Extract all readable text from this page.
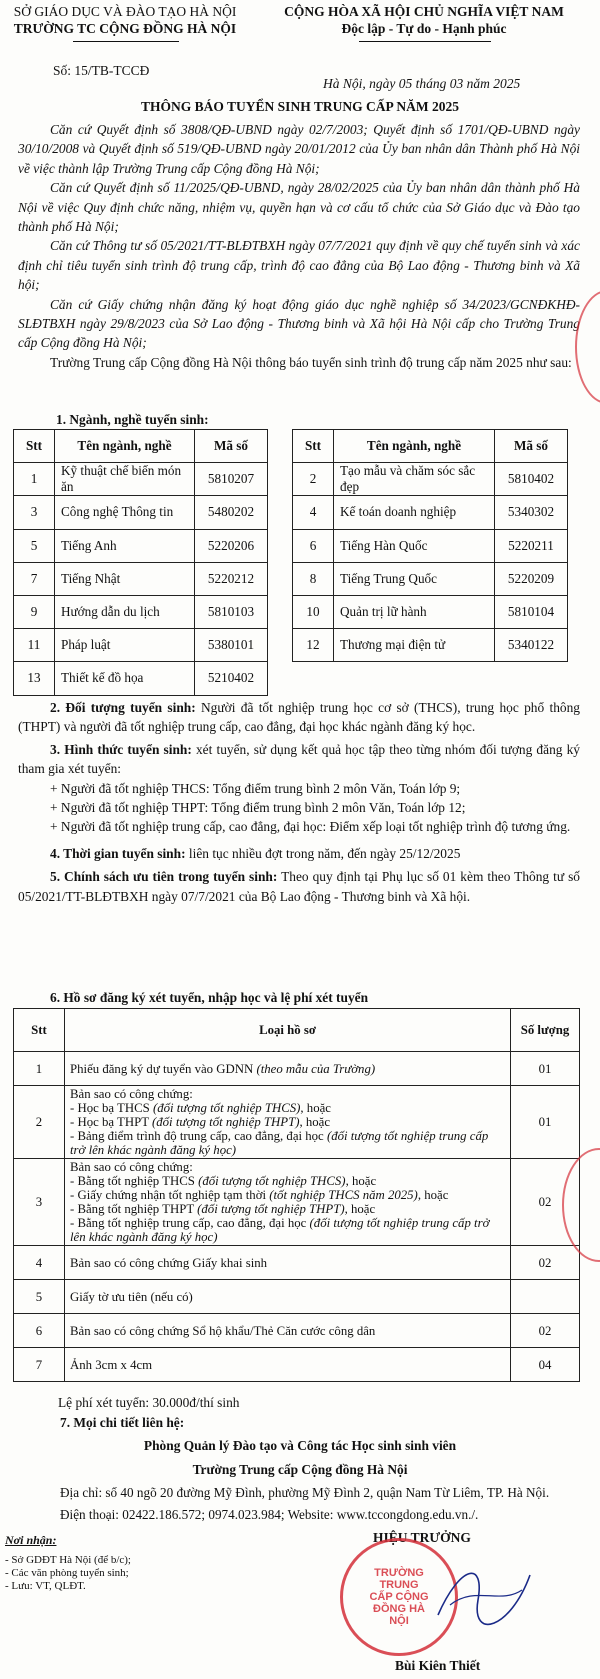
SỞ GIÁO DỤC VÀ ĐÀO TẠO HÀ NỘI
TRƯỜNG TC CỘNG ĐỒNG HÀ NỘI
CỘNG HÒA XÃ HỘI CHỦ NGHĨA VIỆT NAM
Độc lập - Tự do - Hạnh phúc
Số: 15/TB-TCCĐ
Hà Nội, ngày 05 tháng 03 năm 2025
THÔNG BÁO TUYỂN SINH TRUNG CẤP NĂM 2025
Căn cứ Quyết định số 3808/QĐ-UBND ngày 02/7/2003; Quyết định số 1701/QĐ-UBND ngày 30/10/2008 và Quyết định số 519/QĐ-UBND ngày 20/01/2012 của Ủy ban nhân dân Thành phố Hà Nội về việc thành lập Trường Trung cấp Cộng đồng Hà Nội;
Căn cứ Quyết định số 11/2025/QĐ-UBND, ngày 28/02/2025 của Ủy ban nhân dân thành phố Hà Nội về việc Quy định chức năng, nhiệm vụ, quyền hạn và cơ cấu tổ chức của Sở Giáo dục và Đào tạo thành phố Hà Nội;
Căn cứ Thông tư số 05/2021/TT-BLĐTBXH ngày 07/7/2021 quy định về quy chế tuyển sinh và xác định chỉ tiêu tuyển sinh trình độ trung cấp, trình độ cao đẳng của Bộ Lao động - Thương binh và Xã hội;
Căn cứ Giấy chứng nhận đăng ký hoạt động giáo dục nghề nghiệp số 34/2023/GCNĐKHĐ-SLĐTBXH ngày 29/8/2023 của Sở Lao động - Thương binh và Xã hội Hà Nội cấp cho Trường Trung cấp Cộng đồng Hà Nội;
Trường Trung cấp Cộng đồng Hà Nội thông báo tuyển sinh trình độ trung cấp năm 2025 như sau:
1. Ngành, nghề tuyển sinh:
Stt	Tên ngành, nghề	Mã số
1	Kỹ thuật chế biến món ăn	5810207
3	Công nghệ Thông tin	5480202
5	Tiếng Anh	5220206
7	Tiếng Nhật	5220212
9	Hướng dẫn du lịch	5810103
11	Pháp luật	5380101
13	Thiết kế đồ họa	5210402
Stt	Tên ngành, nghề	Mã số
2	Tạo mẫu và chăm sóc sắc đẹp	5810402
4	Kế toán doanh nghiệp	5340302
6	Tiếng Hàn Quốc	5220211
8	Tiếng Trung Quốc	5220209
10	Quản trị lữ hành	5810104
12	Thương mại điện tử	5340122
2. Đối tượng tuyển sinh: Người đã tốt nghiệp trung học cơ sở (THCS), trung học phổ thông (THPT) và người đã tốt nghiệp trung cấp, cao đẳng, đại học khác ngành đăng ký học.
3. Hình thức tuyển sinh: xét tuyển, sử dụng kết quả học tập theo từng nhóm đối tượng đăng ký tham gia xét tuyển:
+ Người đã tốt nghiệp THCS: Tổng điểm trung bình 2 môn Văn, Toán lớp 9;
+ Người đã tốt nghiệp THPT: Tổng điểm trung bình 2 môn Văn, Toán lớp 12;
+ Người đã tốt nghiệp trung cấp, cao đẳng, đại học: Điểm xếp loại tốt nghiệp trình độ tương ứng.
4. Thời gian tuyển sinh: liên tục nhiều đợt trong năm, đến ngày 25/12/2025
5. Chính sách ưu tiên trong tuyển sinh: Theo quy định tại Phụ lục số 01 kèm theo Thông tư số 05/2021/TT-BLĐTBXH ngày 07/7/2021 của Bộ Lao động - Thương binh và Xã hội.
6. Hồ sơ đăng ký xét tuyển, nhập học và lệ phí xét tuyển
Stt	Loại hồ sơ	Số lượng
1	Phiếu đăng ký dự tuyển vào GDNN (theo mẫu của Trường)	01
2	Bản sao có công chứng:
- Học bạ THCS (đối tượng tốt nghiệp THCS), hoặc
- Học bạ THPT (đối tượng tốt nghiệp THPT), hoặc
- Bảng điểm trình độ trung cấp, cao đẳng, đại học (đối tượng tốt nghiệp trung cấp trở lên khác ngành đăng ký học)	01
3	Bản sao có công chứng:
- Bằng tốt nghiệp THCS (đối tượng tốt nghiệp THCS), hoặc
- Giấy chứng nhận tốt nghiệp tạm thời (tốt nghiệp THCS năm 2025), hoặc
- Bằng tốt nghiệp THPT (đối tượng tốt nghiệp THPT), hoặc
- Bằng tốt nghiệp trung cấp, cao đẳng, đại học (đối tượng tốt nghiệp trung cấp trở lên khác ngành đăng ký học)	02
4	Bản sao có công chứng Giấy khai sinh	02
5	Giấy tờ ưu tiên (nếu có)	
6	Bản sao có công chứng Sổ hộ khẩu/Thẻ Căn cước công dân	02
7	Ảnh 3cm x 4cm	04
Lệ phí xét tuyển: 30.000đ/thí sinh
7. Mọi chi tiết liên hệ:
Phòng Quản lý Đào tạo và Công tác Học sinh sinh viên
Trường Trung cấp Cộng đồng Hà Nội
Địa chỉ: số 40 ngõ 20 đường Mỹ Đình, phường Mỹ Đình 2, quận Nam Từ Liêm, TP. Hà Nội.
Điện thoại: 02422.186.572; 0974.023.984; Website: www.tccongdong.edu.vn./.
Nơi nhận:
- Sở GDĐT Hà Nội (để b/c);
- Các văn phòng tuyển sinh;
- Lưu: VT, QLĐT.
HIỆU TRƯỞNG
TRƯỜNG TRUNG CẤP CỘNG ĐỒNG HÀ NỘI
Bùi Kiên Thiết
